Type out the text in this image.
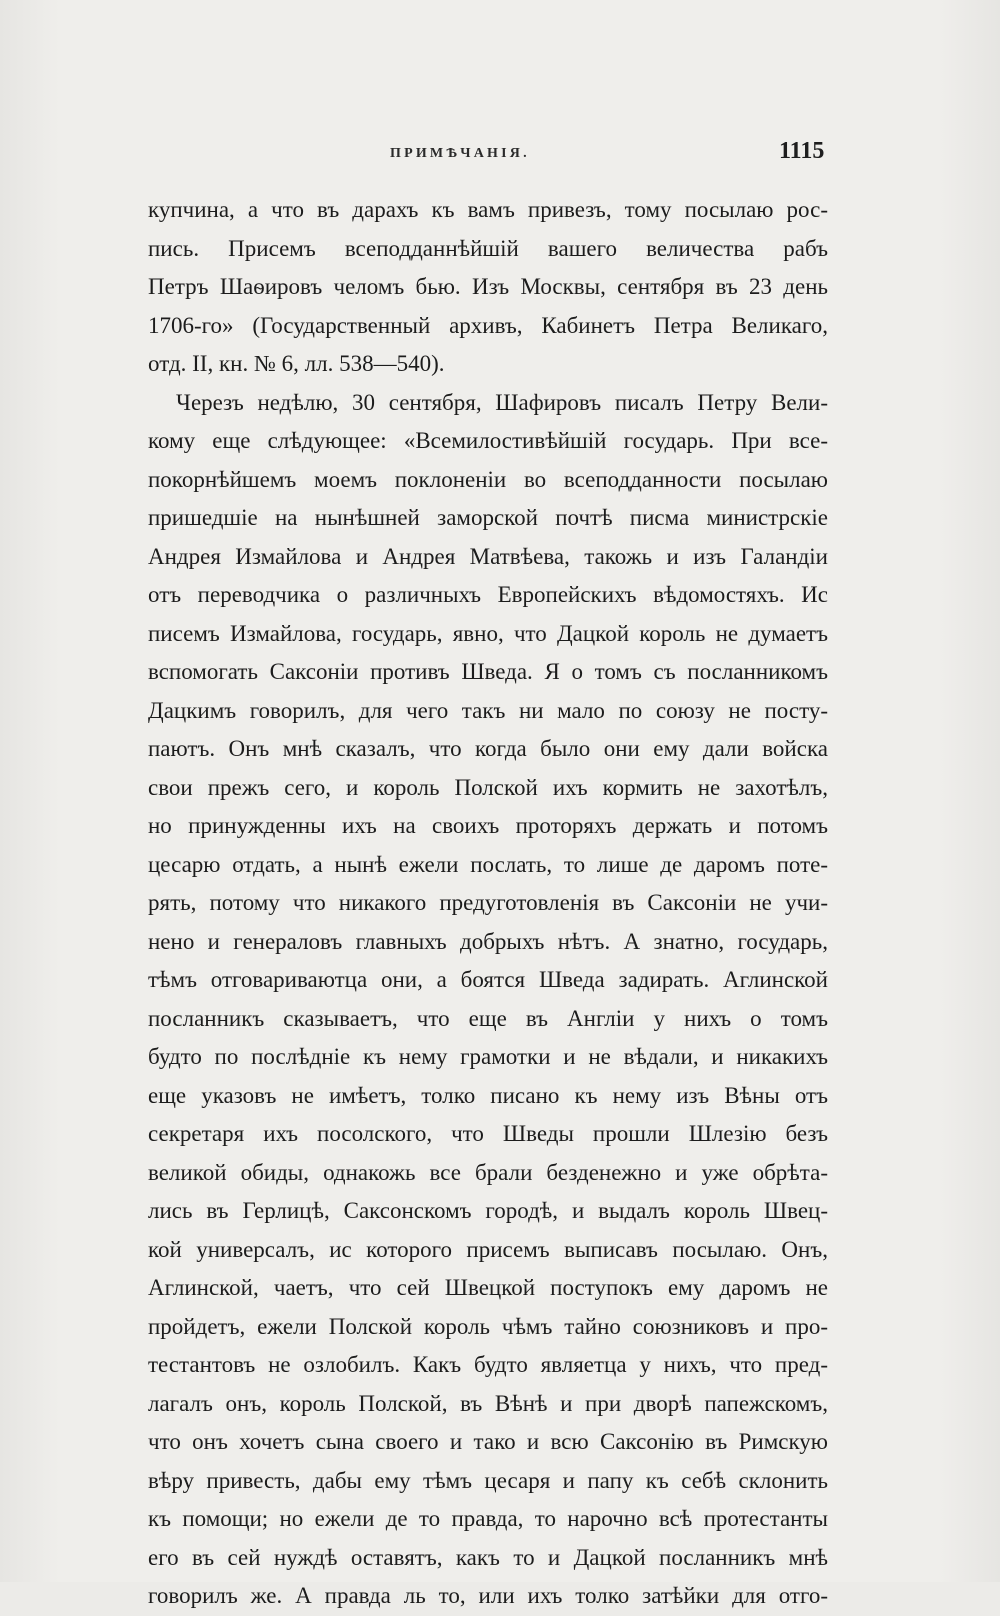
ПРИМѢЧАНІЯ.	1115
купчина, а что въ дарахъ къ вамъ привезъ, тому посылаю рос-
пись. Присемъ всеподданнѣйшій вашего величества рабъ
Петръ Шаѳировъ челомъ бью. Изъ Москвы, сентября въ 23 день
1706-го» (Государственный архивъ, Кабинетъ Петра Великаго,
отд. II, кн. № 6, лл. 538—540).
Черезъ недѣлю, 30 сентября, Шафировъ писалъ Петру Вели-
кому еще слѣдующее: «Всемилостивѣйшій государь. При все-
покорнѣйшемъ моемъ поклоненіи во всеподданности посылаю
пришедшіе на нынѣшней заморской почтѣ писма министрскіе
Андрея Измайлова и Андрея Матвѣева, такожь и изъ Галандіи
отъ переводчика о различныхъ Европейскихъ вѣдомостяхъ. Ис
писемъ Измайлова, государь, явно, что Дацкой король не думаетъ
вспомогать Саксоніи противъ Шведа. Я о томъ съ посланникомъ
Дацкимъ говорилъ, для чего такъ ни мало по союзу не посту-
паютъ. Онъ мнѣ сказалъ, что когда было они ему дали войска
свои прежъ сего, и король Полской ихъ кормить не захотѣлъ,
но принужденны ихъ на своихъ проторяхъ держать и потомъ
цесарю отдать, а нынѣ ежели послать, то лише де даромъ поте-
рять, потому что никакого предуготовленія въ Саксоніи не учи-
нено и генераловъ главныхъ добрыхъ нѣтъ. А знатно, государь,
тѣмъ отговариваютца они, а боятся Шведа задирать. Аглинской
посланникъ сказываетъ, что еще въ Англіи у нихъ о томъ
будто по послѣдніе къ нему грамотки и не вѣдали, и никакихъ
еще указовъ не имѣетъ, толко писано къ нему изъ Вѣны отъ
секретаря ихъ посолского, что Шведы прошли Шлезію безъ
великой обиды, однакожь все брали безденежно и уже обрѣта-
лись въ Герлицѣ, Саксонскомъ городѣ, и выдалъ король Швец-
кой универсалъ, ис которого присемъ выписавъ посылаю. Онъ,
Аглинской, чаетъ, что сей Швецкой поступокъ ему даромъ не
пройдетъ, ежели Полской король чѣмъ тайно союзниковъ и про-
тестантовъ не озлобилъ. Какъ будто являетца у нихъ, что пред-
лагалъ онъ, король Полской, въ Вѣнѣ и при дворѣ папежскомъ,
что онъ хочетъ сына своего и тако и всю Саксонію въ Римскую
вѣру привесть, дабы ему тѣмъ цесаря и папу къ себѣ склонить
къ помощи; но ежели де то правда, то нарочно всѣ протестанты
его въ сей нуждѣ оставятъ, какъ то и Дацкой посланникъ мнѣ
говорилъ же. А правда ль то, или ихъ толко затѣйки для отго-
